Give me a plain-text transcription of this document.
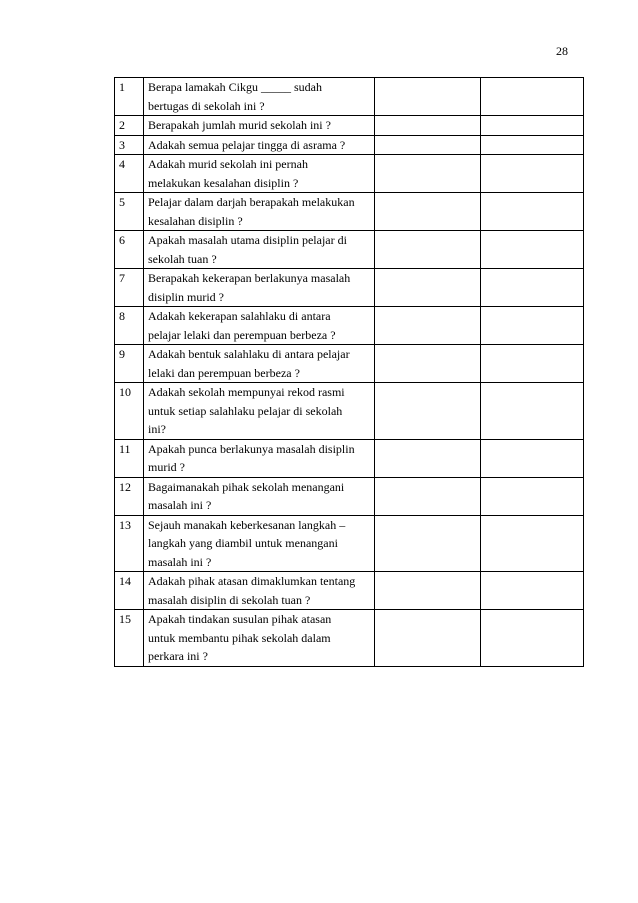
28
1	Berapa lamakah Cikgu _____ sudah
bertugas di sekolah ini ?		

2	Berapakah jumlah murid sekolah ini ?		

3	Adakah semua pelajar tingga di asrama ?		

4	Adakah murid sekolah ini pernah
melakukan kesalahan disiplin ?		

5	Pelajar dalam darjah berapakah melakukan
kesalahan disiplin ?		

6	Apakah masalah utama disiplin pelajar di
sekolah tuan ?		

7	Berapakah kekerapan berlakunya masalah
disiplin murid ?		

8	Adakah kekerapan salahlaku di antara
pelajar lelaki dan perempuan berbeza ?		

9	Adakah bentuk salahlaku di antara pelajar
lelaki dan perempuan berbeza ?		

10	Adakah sekolah mempunyai rekod rasmi
untuk setiap salahlaku pelajar di sekolah
ini?		

11	Apakah punca berlakunya masalah disiplin
murid ?		

12	Bagaimanakah pihak sekolah menangani
masalah ini ?		

13	Sejauh manakah keberkesanan langkah –
langkah yang diambil untuk menangani
masalah ini ?		

14	Adakah pihak atasan dimaklumkan tentang
masalah disiplin di sekolah tuan ?		

15	Apakah tindakan susulan pihak atasan
untuk membantu pihak sekolah dalam
perkara ini ?		
